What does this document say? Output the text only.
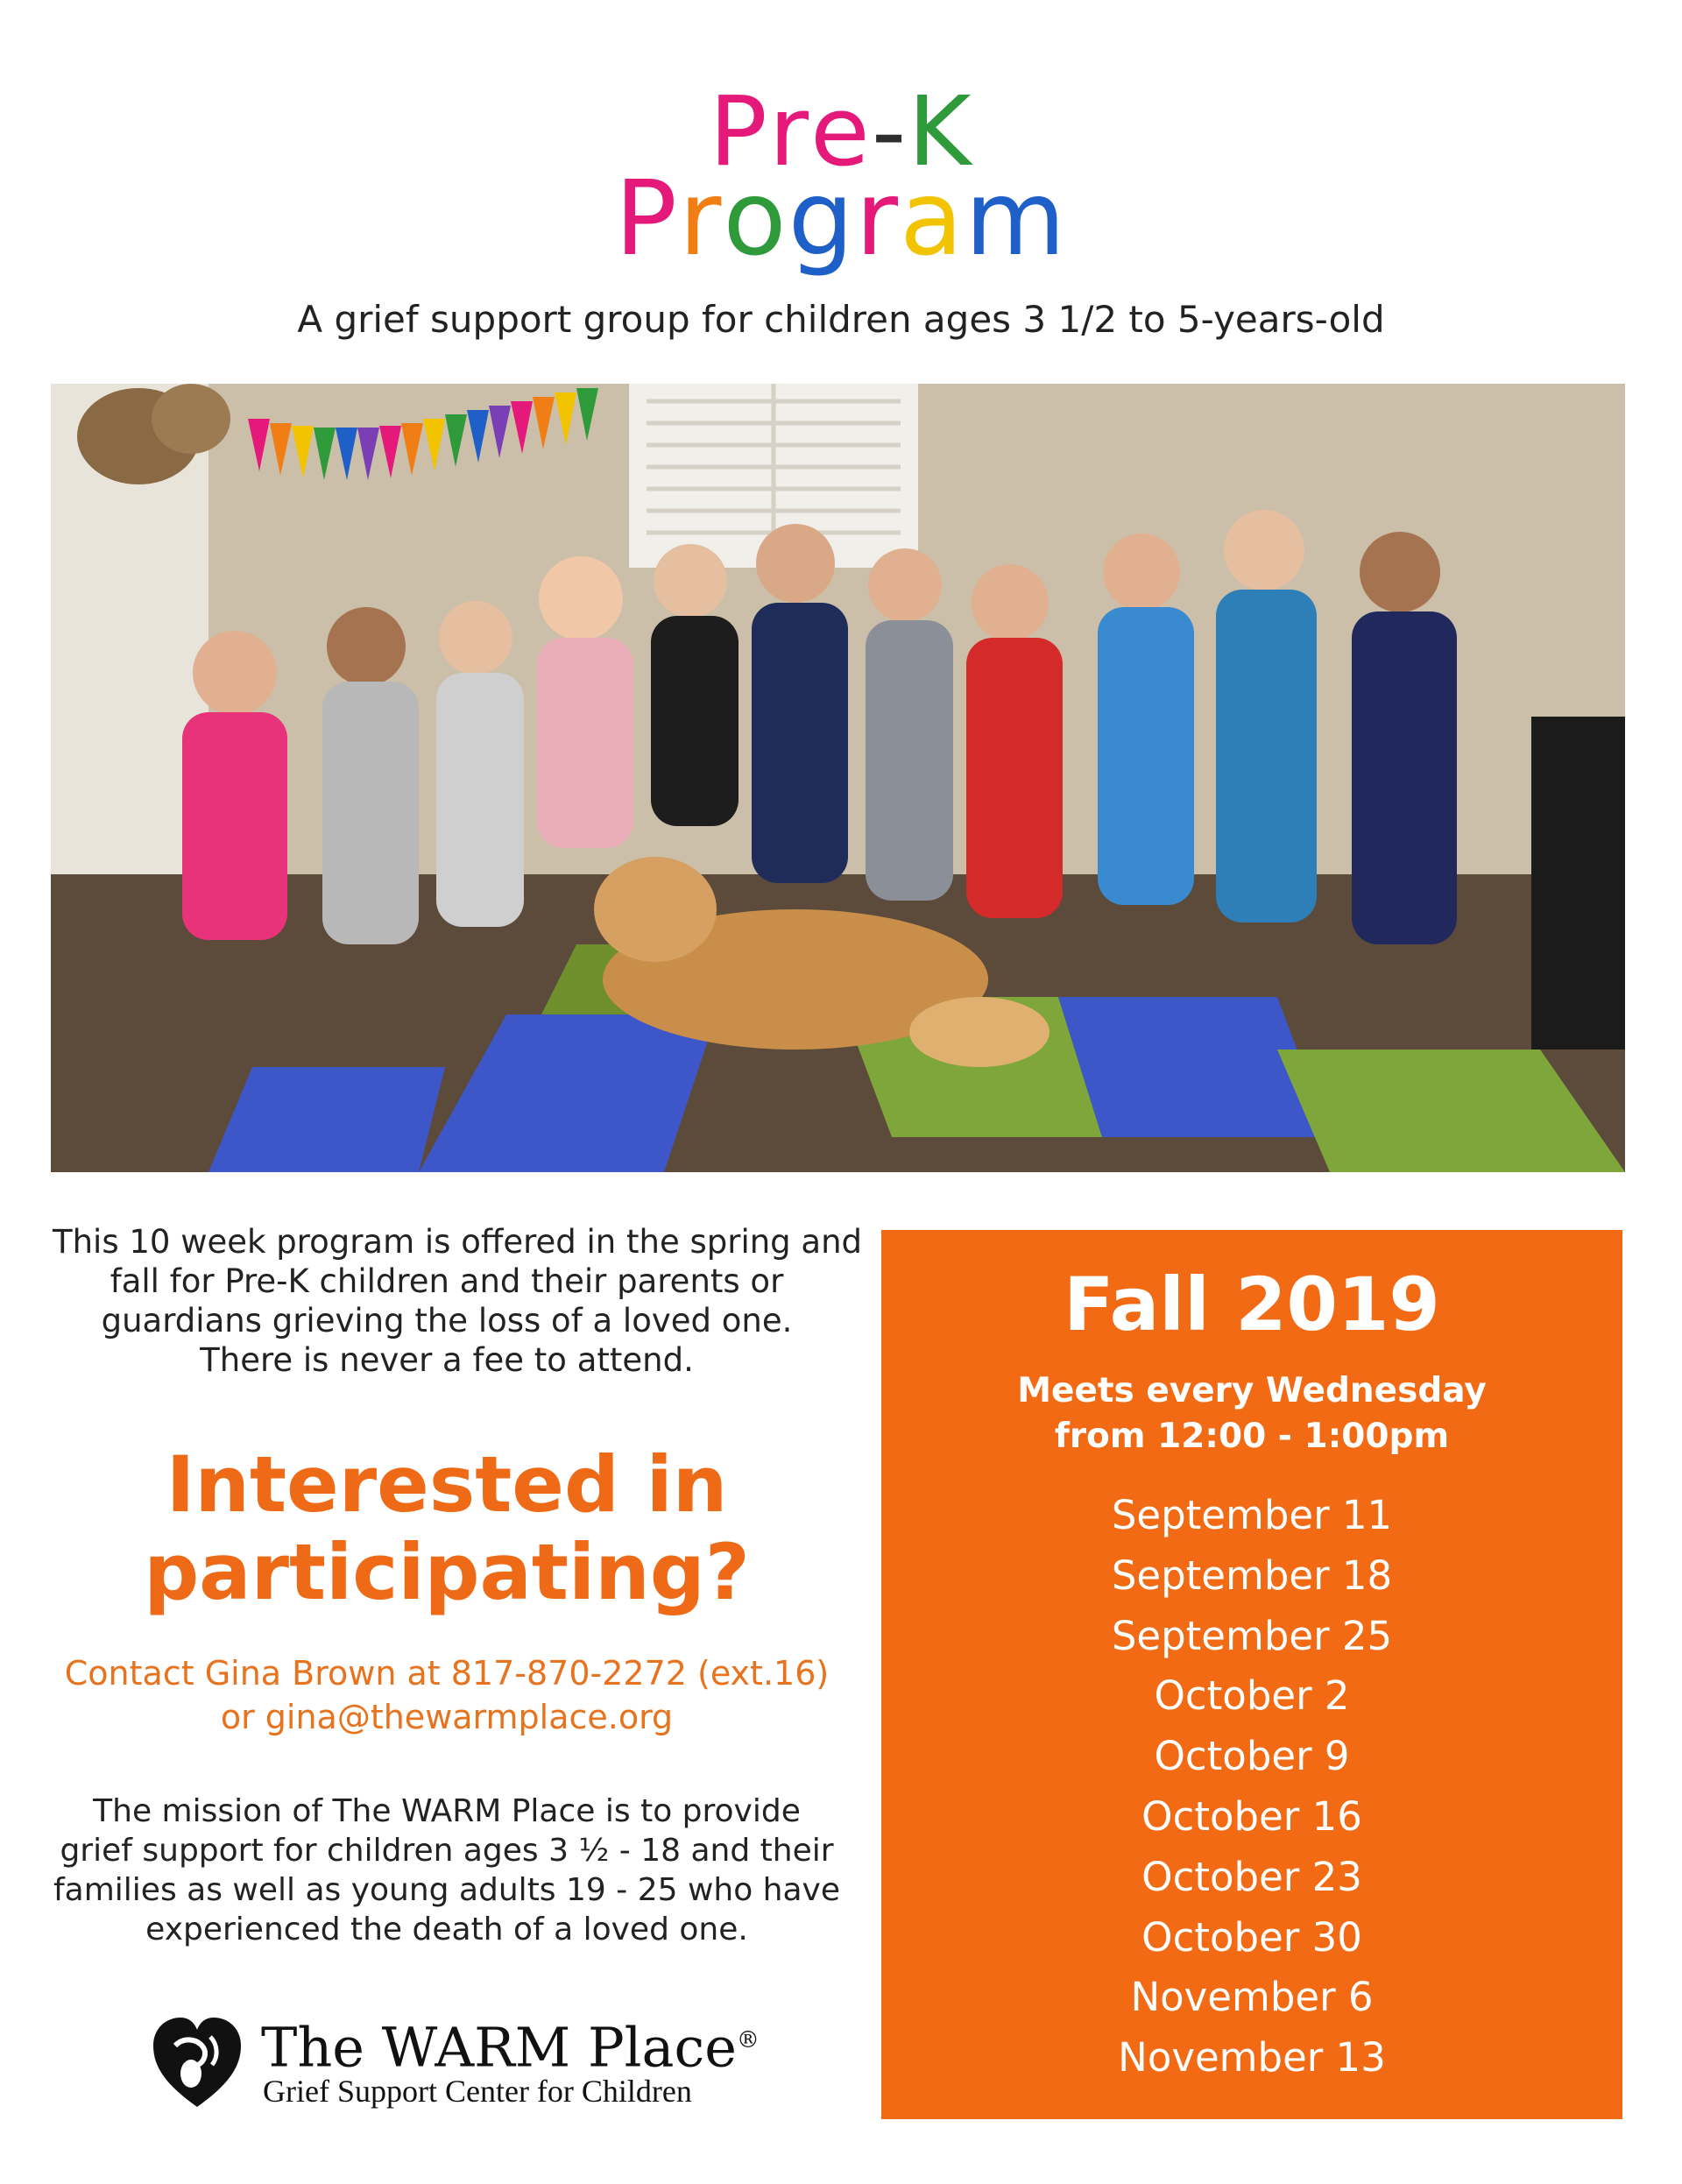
Pre-K
Program
A grief support group for children ages 3 1/2 to 5-years-old
This 10 week program is offered in the spring and
fall for Pre-K children and their parents or
guardians grieving the loss of a loved one.
There is never a fee to attend.
Interested in
participating?
Contact Gina Brown at 817-870-2272 (ext.16)
or gina@thewarmplace.org
The mission of The WARM Place is to provide
grief support for children ages 3 ½ - 18 and their
families as well as young adults 19 - 25 who have
experienced the death of a loved one.
The WARM Place®
Grief Support Center for Children
Fall 2019
Meets every Wednesday
from 12:00 - 1:00pm
September 11
September 18
September 25
October 2
October 9
October 16
October 23
October 30
November 6
November 13
